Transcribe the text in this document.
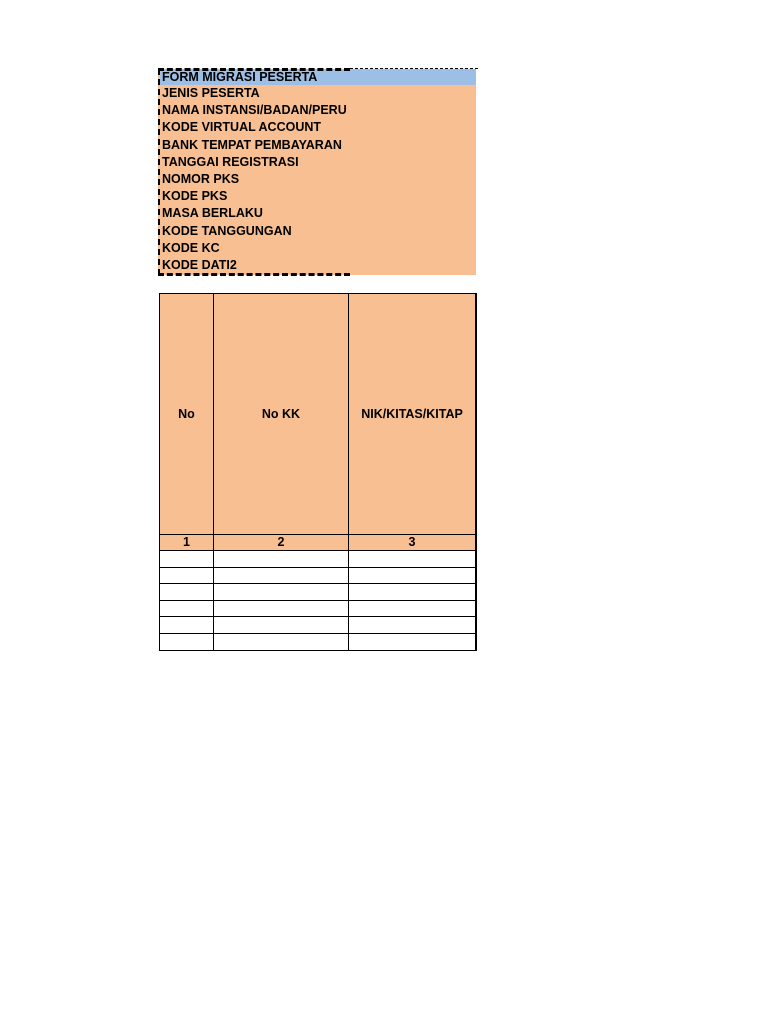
FORM MIGRASI PESERTA
JENIS PESERTA
NAMA INSTANSI/BADAN/PERU
KODE VIRTUAL ACCOUNT
BANK TEMPAT PEMBAYARAN
TANGGAI REGISTRASI
NOMOR PKS
KODE PKS
MASA BERLAKU
KODE TANGGUNGAN
KODE KC
KODE DATI2
No	No KK	NIK/KITAS/KITAP
1	2	3
